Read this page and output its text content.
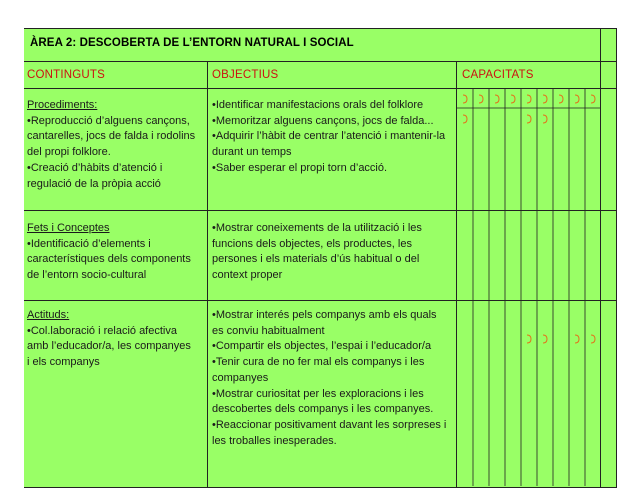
ÀREA 2: DESCOBERTA DE L’ENTORN NATURAL I SOCIAL
CONTINGUTS	OBJECTIUS	CAPACITATS
Procediments:
•Reproducció d’alguens cançons,
cantarelles, jocs de falda i rodolins
del propi folklore.
•Creació d’hàbits d’atenció i
regulació de la pròpia acció
•Identificar manifestacions orals del folklore
•Memoritzar alguens cançons, jocs de falda...
•Adquirir l’hàbit de centrar l’atenció i mantenir-la
durant un temps
•Saber esperar el propi torn d’acció.
Fets i Conceptes
•Identificació d’elements i
característiques dels components
de l’entorn socio-cultural
•Mostrar coneixements de la utilització i les
funcions dels objectes, els productes, les
persones i els materials d’ús habitual o del
context proper
Actituds:
•Col.laboració i relació afectiva
amb l’educador/a, les companyes
i els companys
•Mostrar interés pels companys amb els quals
es conviu habitualment
•Compartir els objectes, l’espai i l’educador/a
•Tenir cura de no fer mal els companys i les
companyes
•Mostrar curiositat per les exploracions i les
descobertes dels companys i les companyes.
•Reaccionar positivament davant les sorpreses i
les troballes inesperades.
